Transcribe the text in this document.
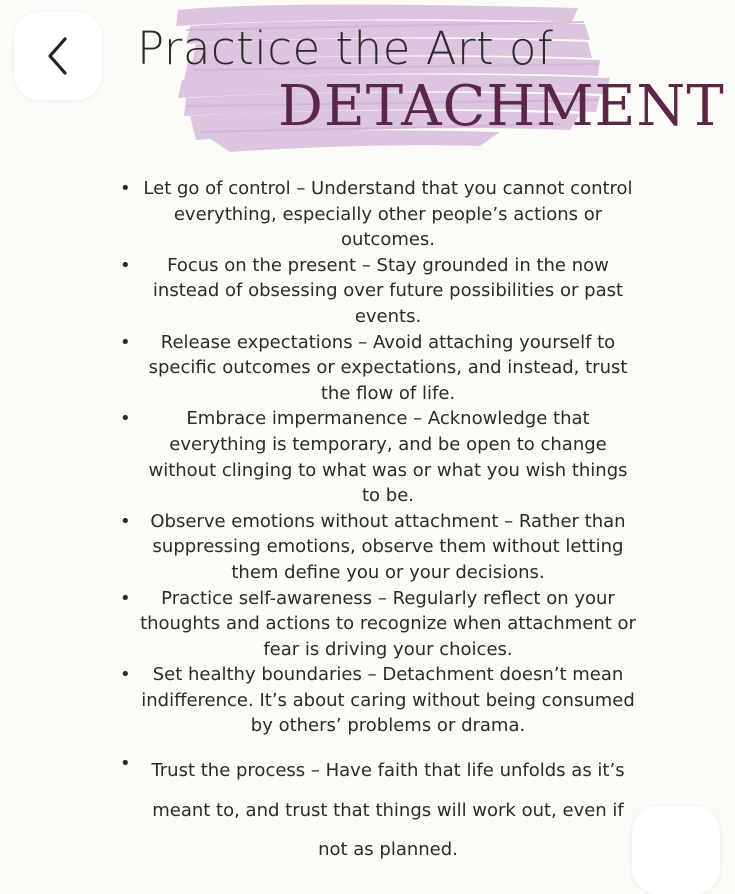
Practice the Art of
DETACHMENT
• Let go of control – Understand that you cannot control everything, especially other people’s actions or outcomes.
•	Focus on the present – Stay grounded in the now instead of obsessing over future possibilities or past events.
•	Release expectations – Avoid attaching yourself to specific outcomes or expectations, and instead, trust the flow of life.
•	Embrace impermanence – Acknowledge that everything is temporary, and be open to change without clinging to what was or what you wish things to be.
•	Observe emotions without attachment – Rather than suppressing emotions, observe them without letting them define you or your decisions.
•	Practice self-awareness – Regularly reflect on your thoughts and actions to recognize when attachment or fear is driving your choices.
•	Set healthy boundaries – Detachment doesn’t mean indifference. It’s about caring without being consumed by others’ problems or drama.
•	Trust the process – Have faith that life unfolds as it’s meant to, and trust that things will work out, even if not as planned.
